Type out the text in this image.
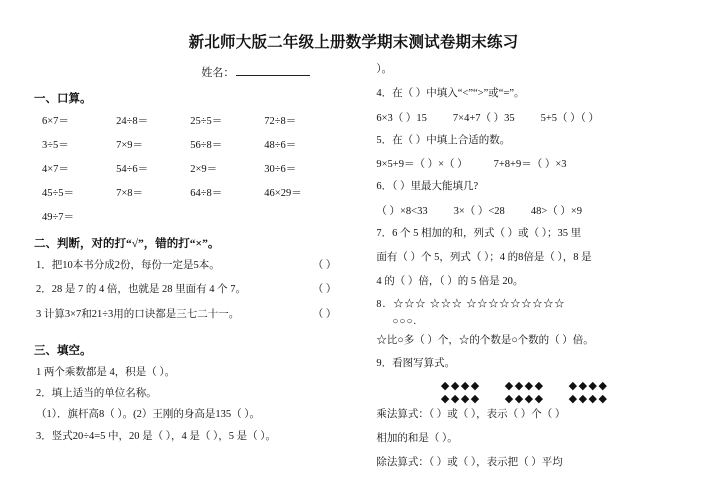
新北师大版二年级上册数学期末测试卷期末练习
姓名：
一、口算。
6×7＝	24÷8＝	25÷5＝	72÷8＝
3÷5＝	7×9＝	56÷8＝	48÷6＝
4×7＝	54÷6＝	2×9＝	30÷6＝
45÷5＝	7×8＝	64÷8＝	46×29＝
49÷7＝
二、判断，对的打“√”，错的打“×”。
（ ）
1．把10本书分成2份，每份一定是5本。
（ ）
2．28 是 7 的 4 倍，也就是 28 里面有 4 个 7。
（ ）
3 计算3×7和21÷3用的口诀都是三七二十一。
三、填空。
1 两个乘数都是 4，积是（ ）。
2．填上适当的单位名称。
（1）．旗杆高8（ ）。(2）王刚的身高是135（ ）。
3．竖式20÷4=5 中，20 是（ ），4 是（ ），5 是（ ）。
）。
4．在（ ）中填入“<”“>”或“=”。
6×3（ ）15 7×4+7（ ）35 5+5（ ）（ ）
5．在（ ）中填上合适的数。
9×5+9＝（ ）×（ ） 7+8+9＝（ ）×3
6．（ ）里最大能填几?
（ ）×8<33 3×（ ）<28 48>（ ）×9
7．6 个 5 相加的和，列式（ ）或（ ）；35 里
面有（ ）个 5，列式（ ）；4 的8倍是（ ），8 是
4 的（ ）倍，（ ）的 5 倍是 20。
8．☆☆☆ ☆☆☆ ☆☆☆☆☆☆☆☆☆
○○○.
☆比○多（ ）个，☆的个数是○个数的（ ）倍。
9．看图写算式。
◆◆◆◆
◆◆◆◆
◆◆◆◆
◆◆◆◆
◆◆◆◆
◆◆◆◆
乘法算式：（ ）或（ ），表示（ ）个（ ）
相加的和是（ ）。
除法算式：（ ）或（ ），表示把（ ）平均
